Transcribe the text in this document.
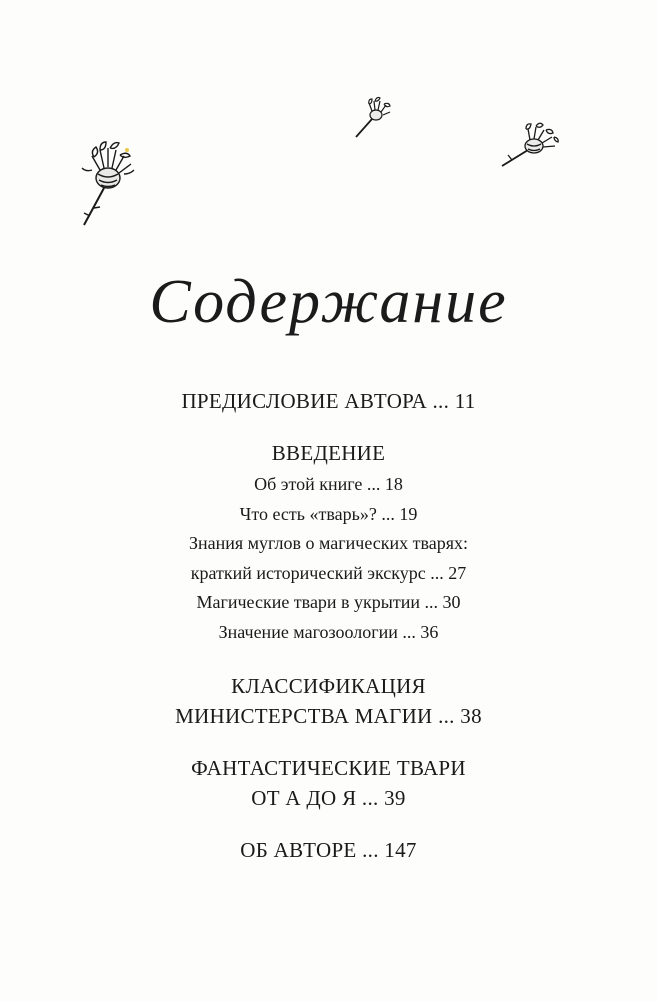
Содержание
ПРЕДИСЛОВИЕ АВТОРА ... 11
ВВЕДЕНИЕ
Об этой книге ... 18
Что есть «тварь»? ... 19
Знания муглов о магических тварях:
краткий исторический экскурс ... 27
Магические твари в укрытии ... 30
Значение магозоологии ... 36
КЛАССИФИКАЦИЯ
МИНИСТЕРСТВА МАГИИ ... 38
ФАНТАСТИЧЕСКИЕ ТВАРИ
ОТ А ДО Я ... 39
ОБ АВТОРЕ ... 147
